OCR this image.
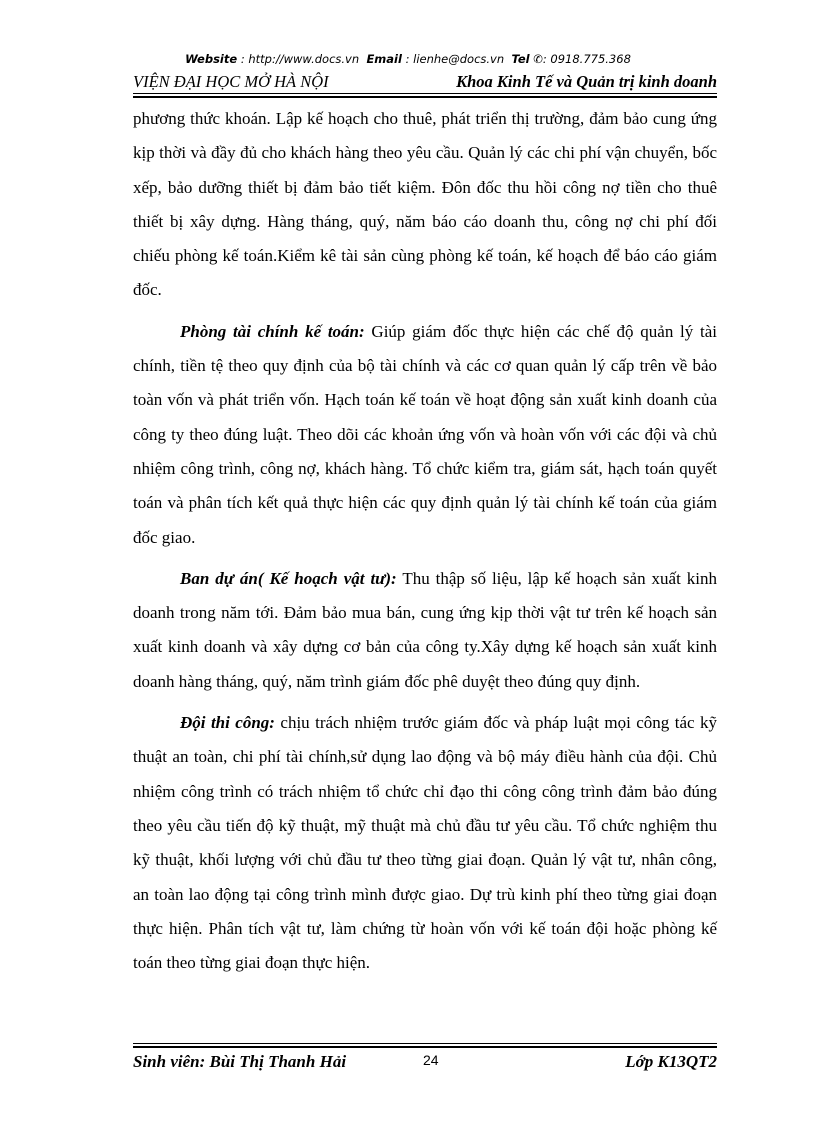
Website : http://www.docs.vn Email : lienhe@docs.vn Tel ✆: 0918.775.368
VIỆN ĐẠI HỌC MỞ HÀ NỘI	Khoa Kinh Tế và Quản trị kinh doanh

phương thức khoán. Lập kế hoạch cho thuê, phát triển thị trường, đảm bảo cung ứng kịp thời và đầy đủ cho khách hàng theo yêu cầu. Quản lý các chi phí vận chuyển, bốc xếp, bảo dưỡng thiết bị đảm bảo tiết kiệm. Đôn đốc thu hồi công nợ tiền cho thuê thiết bị xây dựng. Hàng tháng, quý, năm báo cáo doanh thu, công nợ chi phí đối chiếu phòng kế toán.Kiểm kê tài sản cùng phòng kế toán, kế hoạch để báo cáo giám đốc.

Phòng tài chính kế toán: Giúp giám đốc thực hiện các chế độ quản lý tài chính, tiền tệ theo quy định của bộ tài chính và các cơ quan quản lý cấp trên về bảo toàn vốn và phát triển vốn. Hạch toán kế toán về hoạt động sản xuất kinh doanh của công ty theo đúng luật. Theo dõi các khoản ứng vốn và hoàn vốn với các đội và chủ nhiệm công trình, công nợ, khách hàng. Tổ chức kiểm tra, giám sát, hạch toán quyết toán và phân tích kết quả thực hiện các quy định quản lý tài chính kế toán của giám đốc giao.

Ban dự án( Kế hoạch vật tư): Thu thập số liệu, lập kế hoạch sản xuất kinh doanh trong năm tới. Đảm bảo mua bán, cung ứng kịp thời vật tư trên kế hoạch sản xuất kinh doanh và xây dựng cơ bản của công ty.Xây dựng kế hoạch sản xuất kinh doanh hàng tháng, quý, năm trình giám đốc phê duyệt theo đúng quy định.

Đội thi công: chịu trách nhiệm trước giám đốc và pháp luật mọi công tác kỹ thuật an toàn, chi phí tài chính,sử dụng lao động và bộ máy điều hành của đội. Chủ nhiệm công trình có trách nhiệm tổ chức chỉ đạo thi công công trình đảm bảo đúng theo yêu cầu tiến độ kỹ thuật, mỹ thuật mà chủ đầu tư yêu cầu. Tổ chức nghiệm thu kỹ thuật, khối lượng với chủ đầu tư theo từng giai đoạn. Quản lý vật tư, nhân công, an toàn lao động tại công trình mình được giao. Dự trù kinh phí theo từng giai đoạn thực hiện. Phân tích vật tư, làm chứng từ hoàn vốn với kế toán đội hoặc phòng kế toán theo từng giai đoạn thực hiện.

Sinh viên: Bùi Thị Thanh Hải	24	Lớp K13QT2
